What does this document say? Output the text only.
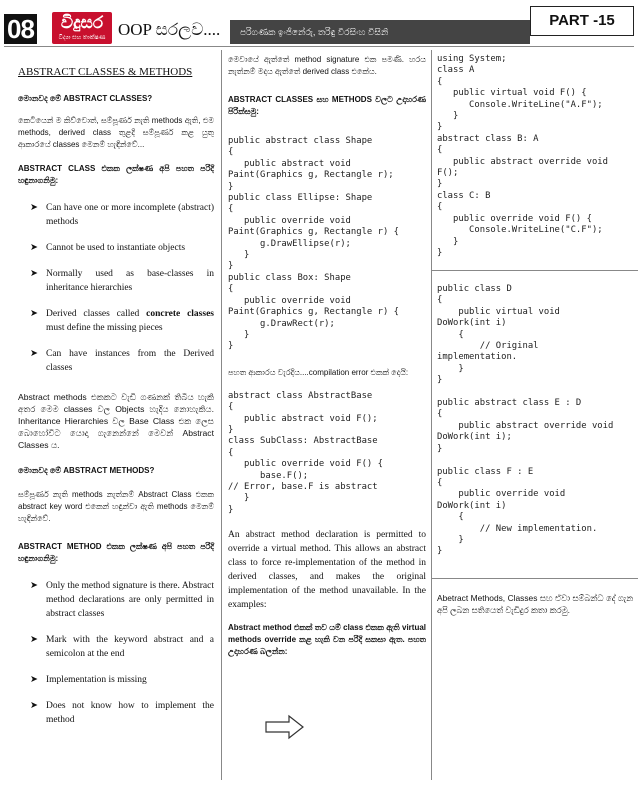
08	විදුසර
විද්‍යා සහ තාක්ෂණ OOP සරලව....	පරිගණක ඉංජිනේරු, තරිඳු වීරසිංහ විසිනි
PART -15
ABSTRACT CLASSES & METHODS
මොනවද මේ ABSTRACT CLASSES?
කෙටියෙන් ම කිව්වොත්, සම්පූර්ණ නැති methods ඇති, එම methods, derived class තුළදි සම්පූර්ණ කළ යුතු ආකාරයේ classes මෙනම් හැඳින්වේ...
ABSTRACT CLASS එකක ලක්ෂණ අපි පහත පරිදි හඳුනාගනිමු:
➤ Can have one or more incomplete (abstract) methods
➤ Cannot be used to instantiate objects
➤ Normally used as base-classes in inheritance hierarchies
➤ Derived classes called concrete classes must define the missing pieces
➤ Can have instances from the Derived classes
Abstract methods එකකට වැඩි ගණනක් තිබිය හැකි අතර මෙම classes වල Objects හැදිය නොහැකිය. Inheritance Hierarchies වල Base Class එක ලෙස බොහෝවිට යොදා ගැනෙන්නේ මෙවන් Abstract Classes ය.
මොනවද මේ ABSTRACT METHODS?
සම්පූර්ණ නැති methods නැත්නම් Abstract Class එකක abstract key word එකෙන් හඳුන්වා ඇති methods මෙනම් හැඳින්වේ.
ABSTRACT METHOD එකක ලක්ෂණ අපි පහත පරිදි හඳුනාගනිමු:
➤ Only the method signature is there. Abstract method declarations are only permitted in abstract classes
➤ Mark with the keyword abstract and a semicolon at the end
➤ Implementation is missing
➤ Does not know how to implement the method
මෙවායේ ඇත්තේ method signature එක පමණි. හරය නැත්නම් මදය ඇත්තේ derived class එකේය.
ABSTRACT CLASSES සහ METHODS වලට උදාහරණ පිරික්සමු:
public abstract class Shape
{
public abstract void
Paint(Graphics g, Rectangle r);
}
public class Ellipse: Shape
{
public override void
Paint(Graphics g, Rectangle r) {
g.DrawEllipse(r);
}
}
public class Box: Shape
{
public override void
Paint(Graphics g, Rectangle r) {
g.DrawRect(r);
}
}
පහත ආකාරය වැරදිය....compilation error එකක් දෙයි:
abstract class AbstractBase
{
public abstract void F();
}
class SubClass: AbstractBase
{
public override void F() {
base.F();
// Error, base.F is abstract
}
}
An abstract method declaration is permitted to override a virtual method. This allows an abstract class to force re-implementation of the method in derived classes, and makes the original implementation of the method unavailable. In the examples:
Abstract method එකක් තව යම් class එකක ඇති virtual methods override කළ හැකි වන පරිදි සකසා ඇත. පහත උදාහරණ බලන්න:
using System;
class A
{
public virtual void F() {
Console.WriteLine("A.F");
}
}
abstract class B: A
{
public abstract override void
F();
}
class C: B
{
public override void F() {
Console.WriteLine("C.F");
}
}
public class D
{
public virtual void
DoWork(int i)
{
// Original
implementation.
}
}

public abstract class E : D
{
public abstract override void
DoWork(int i);
}

public class F : E
{
public override void
DoWork(int i)
{
// New implementation.
}
}
Abetract Methods, Classes සහ ඒවා සම්බන්ධ දේ ගැන අපි ලබන සතියෙත් වැඩිදුර කතා කරමු.
